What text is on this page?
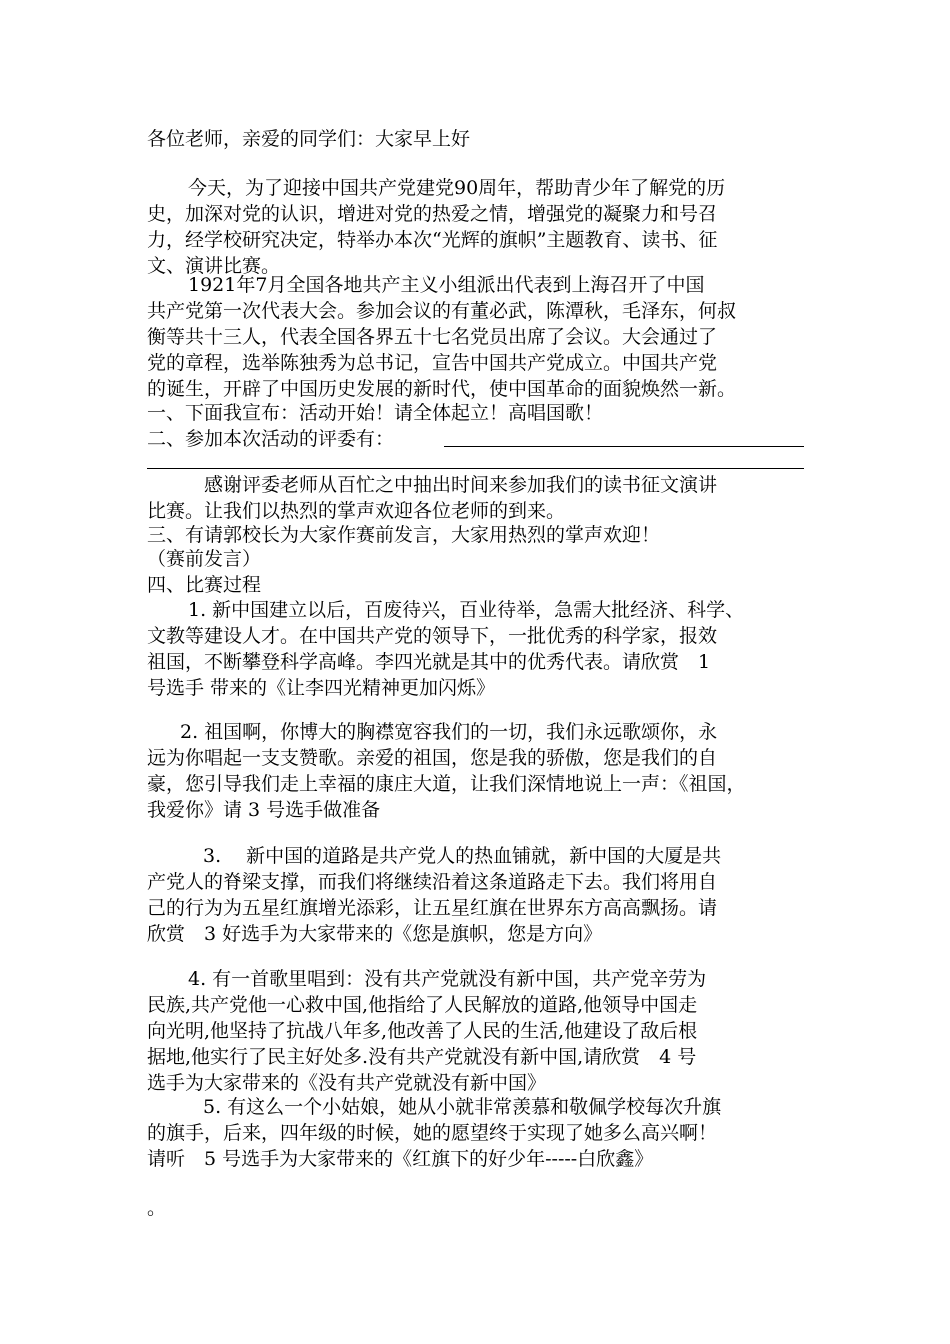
各位老师，亲爱的同学们：大家早上好
今天，为了迎接中国共产党建党90周年，帮助青少年了解党的历
史，加深对党的认识，增进对党的热爱之情，增强党的凝聚力和号召
力，经学校研究决定，特举办本次“光辉的旗帜”主题教育、读书、征
文、演讲比赛。
1921年7月全国各地共产主义小组派出代表到上海召开了中国
共产党第一次代表大会。参加会议的有董必武，陈潭秋，毛泽东，何叔
衡等共十三人，代表全国各界五十七名党员出席了会议。大会通过了
党的章程，选举陈独秀为总书记，宣告中国共产党成立。中国共产党
的诞生，开辟了中国历史发展的新时代，使中国革命的面貌焕然一新。
一、下面我宣布：活动开始！请全体起立！高唱国歌！
二、参加本次活动的评委有：
感谢评委老师从百忙之中抽出时间来参加我们的读书征文演讲
比赛。让我们以热烈的掌声欢迎各位老师的到来。
三、有请郭校长为大家作赛前发言，大家用热烈的掌声欢迎！
（赛前发言）
四、比赛过程
1. 新中国建立以后，百废待兴，百业待举，急需大批经济、科学、
文教等建设人才。在中国共产党的领导下，一批优秀的科学家，报效
祖国，不断攀登科学高峰。李四光就是其中的优秀代表。请欣赏　1
号选手 带来的《让李四光精神更加闪烁》
2. 祖国啊，你博大的胸襟宽容我们的一切，我们永远歌颂你，永
远为你唱起一支支赞歌。亲爱的祖国，您是我的骄傲，您是我们的自
豪，您引导我们走上幸福的康庄大道，让我们深情地说上一声：《祖国，
我爱你》请 3 号选手做准备
3.　 新中国的道路是共产党人的热血铺就，新中国的大厦是共
产党人的脊梁支撑，而我们将继续沿着这条道路走下去。我们将用自
己的行为为五星红旗增光添彩，让五星红旗在世界东方高高飘扬。请
欣赏　3 好选手为大家带来的《您是旗帜，您是方向》
4. 有一首歌里唱到：没有共产党就没有新中国，共产党辛劳为
民族,共产党他一心救中国,他指给了人民解放的道路,他领导中国走
向光明,他坚持了抗战八年多,他改善了人民的生活,他建设了敌后根
据地,他实行了民主好处多.没有共产党就没有新中国,请欣赏　4 号
选手为大家带来的《没有共产党就没有新中国》
5. 有这么一个小姑娘，她从小就非常羡慕和敬佩学校每次升旗
的旗手，后来，四年级的时候，她的愿望终于实现了她多么高兴啊！
请听　5 号选手为大家带来的《红旗下的好少年-----白欣鑫》
。
